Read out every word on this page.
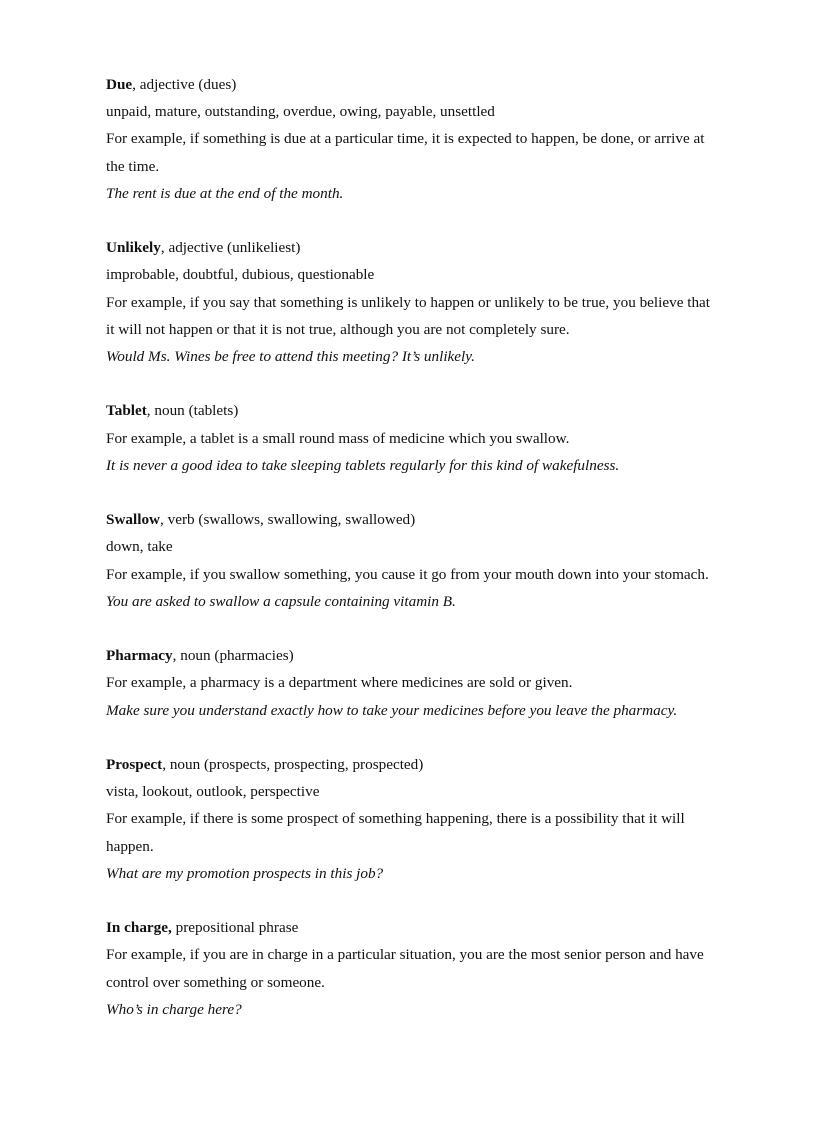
Due, adjective (dues)

unpaid, mature, outstanding, overdue, owing, payable, unsettled

For example, if something is due at a particular time, it is expected to happen, be done, or arrive at the time.

The rent is due at the end of the month.

Unlikely, adjective (unlikeliest)

improbable, doubtful, dubious, questionable

For example, if you say that something is unlikely to happen or unlikely to be true, you believe that it will not happen or that it is not true, although you are not completely sure.

Would Ms. Wines be free to attend this meeting? It’s unlikely.

Tablet, noun (tablets)

For example, a tablet is a small round mass of medicine which you swallow.

It is never a good idea to take sleeping tablets regularly for this kind of wakefulness.

Swallow, verb (swallows, swallowing, swallowed)

down, take

For example, if you swallow something, you cause it go from your mouth down into your stomach.

You are asked to swallow a capsule containing vitamin B.

Pharmacy, noun (pharmacies)

For example, a pharmacy is a department where medicines are sold or given.

Make sure you understand exactly how to take your medicines before you leave the pharmacy.

Prospect, noun (prospects, prospecting, prospected)

vista, lookout, outlook, perspective

For example, if there is some prospect of something happening, there is a possibility that it will happen.

What are my promotion prospects in this job?

In charge, prepositional phrase

For example, if you are in charge in a particular situation, you are the most senior person and have control over something or someone.

Who’s in charge here?
